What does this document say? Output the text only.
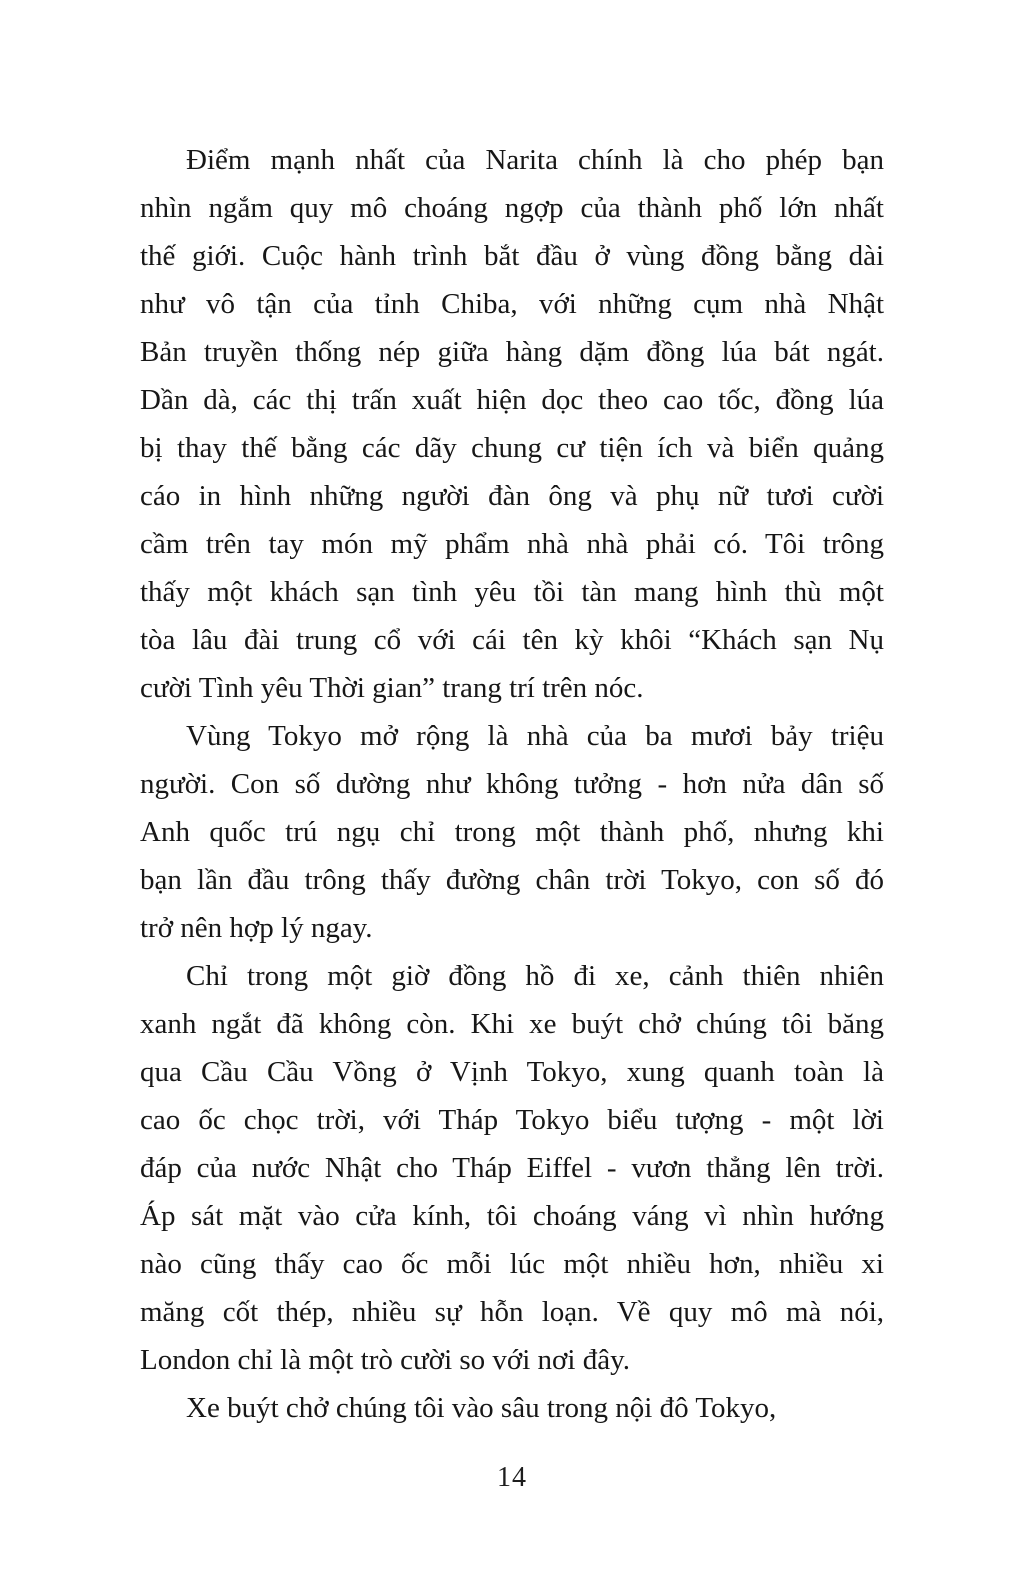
Điểm mạnh nhất của Narita chính là cho phép bạn
nhìn ngắm quy mô choáng ngợp của thành phố lớn nhất
thế giới. Cuộc hành trình bắt đầu ở vùng đồng bằng dài
như vô tận của tỉnh Chiba, với những cụm nhà Nhật
Bản truyền thống nép giữa hàng dặm đồng lúa bát ngát.
Dần dà, các thị trấn xuất hiện dọc theo cao tốc, đồng lúa
bị thay thế bằng các dãy chung cư tiện ích và biển quảng
cáo in hình những người đàn ông và phụ nữ tươi cười
cầm trên tay món mỹ phẩm nhà nhà phải có. Tôi trông
thấy một khách sạn tình yêu tồi tàn mang hình thù một
tòa lâu đài trung cổ với cái tên kỳ khôi “Khách sạn Nụ
cười Tình yêu Thời gian” trang trí trên nóc.

Vùng Tokyo mở rộng là nhà của ba mươi bảy triệu
người. Con số dường như không tưởng - hơn nửa dân số
Anh quốc trú ngụ chỉ trong một thành phố, nhưng khi
bạn lần đầu trông thấy đường chân trời Tokyo, con số đó
trở nên hợp lý ngay.

Chỉ trong một giờ đồng hồ đi xe, cảnh thiên nhiên
xanh ngắt đã không còn. Khi xe buýt chở chúng tôi băng
qua Cầu Cầu Vồng ở Vịnh Tokyo, xung quanh toàn là
cao ốc chọc trời, với Tháp Tokyo biểu tượng - một lời
đáp của nước Nhật cho Tháp Eiffel - vươn thẳng lên trời.
Áp sát mặt vào cửa kính, tôi choáng váng vì nhìn hướng
nào cũng thấy cao ốc mỗi lúc một nhiều hơn, nhiều xi
măng cốt thép, nhiều sự hỗn loạn. Về quy mô mà nói,
London chỉ là một trò cười so với nơi đây.

Xe buýt chở chúng tôi vào sâu trong nội đô Tokyo,

14
